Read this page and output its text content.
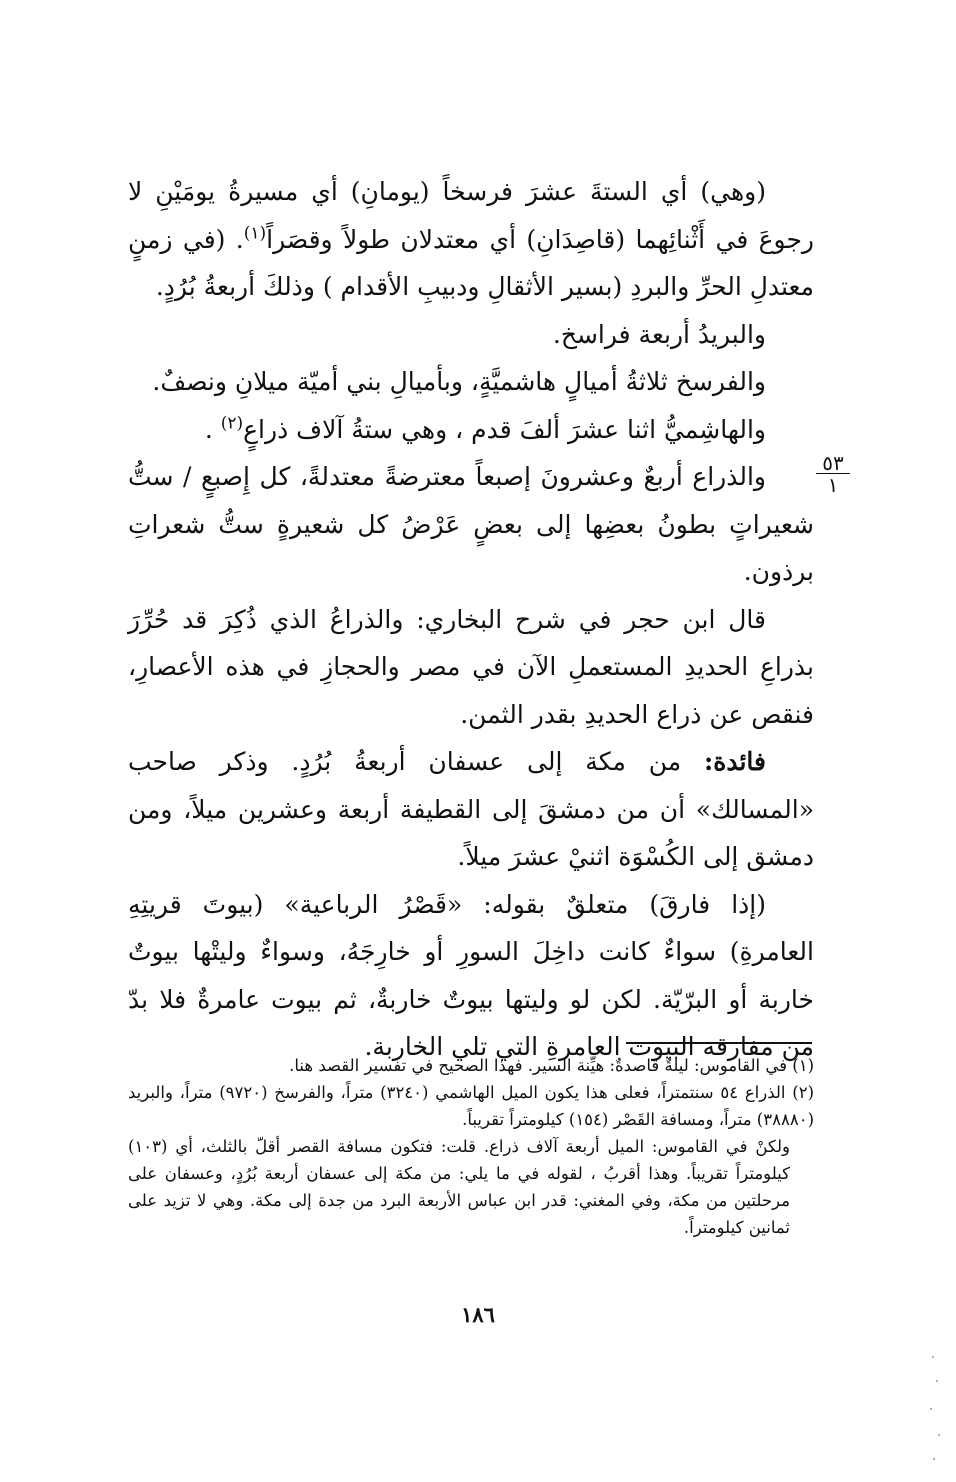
(وهي) أي الستةَ عشرَ فرسخاً (يومانِ) أي مسيرةُ يومَيْنِ لا رجوعَ في أَثْنائِهما (قاصِدَانِ) أي معتدلان طولاً وقصَراً$^{(١)}$. (في زمنٍ معتدلِ الحرِّ والبردِ (بسير الأثقالِ ودبيبِ الأقدام ) وذلكَ أربعةُ بُرُدٍ.

والبريدُ أربعة فراسخ.

والفرسخ ثلاثةُ أميالٍ هاشميَّةٍ، وبأميالِ بني أميّة ميلانِ ونصفٌ.

والهاشِميُّ اثنا عشرَ ألفَ قدم ، وهي ستةُ آلاف ذراعٍ$^{(٢)}$ .

والذراع أربعٌ وعشرونَ إصبعاً معترضةً معتدلةً، كل إِصبعٍ / ستُّ شعيراتٍ بطونُ بعضِها إلى بعضٍ عَرْضُ كل شعيرةٍ ستُّ شعراتِ برذون.

قال ابن حجر في شرح البخاري: والذراعُ الذي ذُكِرَ قد حُرِّرَ بذراعِ الحديدِ المستعملِ الآن في مصر والحجازِ في هذه الأعصارِ، فنقص عن ذراع الحديدِ بقدر الثمن.

فائدة: من مكة إلى عسفان أربعةُ بُرُدٍ. وذكر صاحب «المسالك» أن من دمشقَ إلى القطيفة أربعة وعشرين ميلاً، ومن دمشق إلى الكُسْوَة اثنيْ عشرَ ميلاً.

(إذا فارقَ) متعلقٌ بقوله: «قَصْرُ الرباعية» (بيوتَ قريتِهِ العامرةِ) سواءٌ كانت داخِلَ السورِ أو خارِجَهُ، وسواءٌ وليتْها بيوتٌ خاربة أو البرّيّة. لكن لو وليتها بيوتٌ خاربةٌ، ثم بيوت عامرةٌ فلا بدّ من مفارقة البيوت العامرةِ التي تلي الخاربة.

٥٣
١

(١) في القاموس: ليلةٌ قاصدةٌ: هيِّنة السير. فهذا الصحيح في تفسير القصد هنا.

(٢) الذراع ٥٤ سنتمتراً، فعلى هذا يكون الميل الهاشمي (٣٢٤٠) متراً، والفرسخ (٩٧٢٠) متراً، والبريد (٣٨٨٨٠) متراً، ومسافة القَصْر (١٥٤) كيلومتراً تقريباً.

ولكنْ في القاموس: الميل أربعة آلاف ذراع. قلت: فتكون مسافة القصر أقلّ بالثلث، أي (١٠٣) كيلومتراً تقريباً. وهذا أقربُ ، لقوله في ما يلي: من مكة إلى عسفان أربعة بُرُدٍ، وعسفان على مرحلتين من مكة، وفي المغني: قدر ابن عباس الأربعة البرد من جدة إلى مكة. وهي لا تزيد على ثمانين كيلومتراً.

١٨٦
